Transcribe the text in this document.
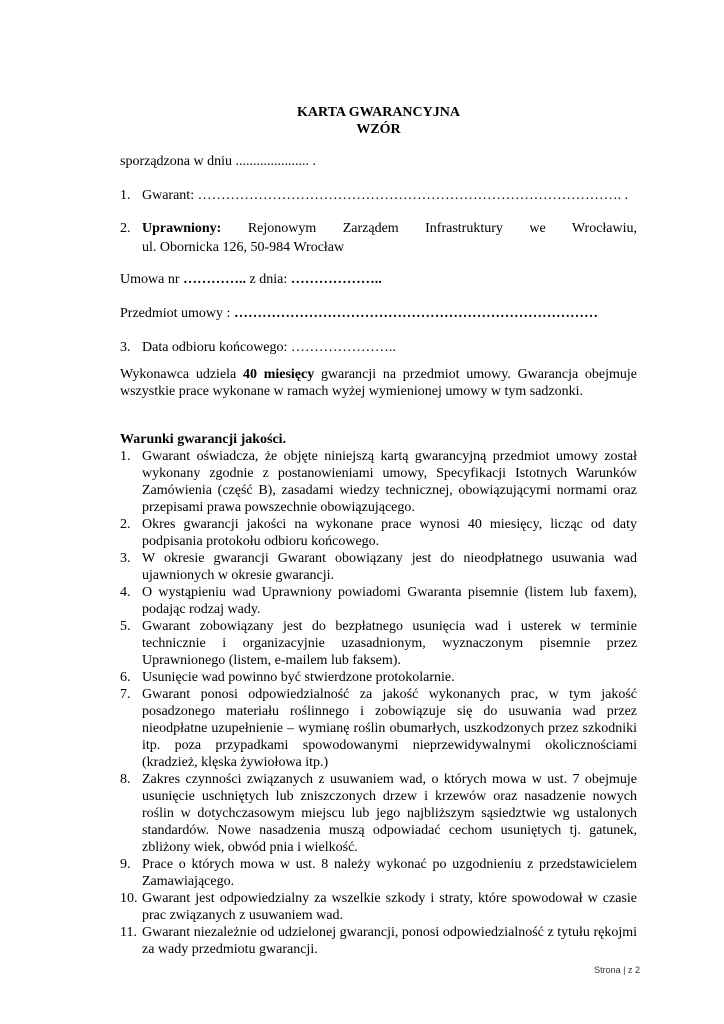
KARTA GWARANCYJNA
WZÓR
sporządzona w dniu ..................... .
1. Gwarant: ………………………………………………………………………………. .
2. Uprawniony: Rejonowym Zarządem Infrastruktury we Wrocławiu,
ul. Obornicka 126, 50-984 Wrocław
Umowa nr ………….. z dnia: ………………..
Przedmiot umowy : ……………………………………………………………………
3. Data odbioru końcowego: …………………..
Wykonawca udziela 40 miesięcy gwarancji na przedmiot umowy. Gwarancja obejmuje wszystkie prace wykonane w ramach wyżej wymienionej umowy w tym sadzonki.
Warunki gwarancji jakości.
1. Gwarant oświadcza, że objęte niniejszą kartą gwarancyjną przedmiot umowy został wykonany zgodnie z postanowieniami umowy, Specyfikacji Istotnych Warunków Zamówienia (część B), zasadami wiedzy technicznej, obowiązującymi normami oraz przepisami prawa powszechnie obowiązującego.
2. Okres gwarancji jakości na wykonane prace wynosi 40 miesięcy, licząc od daty podpisania protokołu odbioru końcowego.
3. W okresie gwarancji Gwarant obowiązany jest do nieodpłatnego usuwania wad ujawnionych w okresie gwarancji.
4. O wystąpieniu wad Uprawniony powiadomi Gwaranta pisemnie (listem lub faxem), podając rodzaj wady.
5. Gwarant zobowiązany jest do bezpłatnego usunięcia wad i usterek w terminie technicznie i organizacyjnie uzasadnionym, wyznaczonym pisemnie przez Uprawnionego (listem, e-mailem lub faksem).
6. Usunięcie wad powinno być stwierdzone protokolarnie.
7. Gwarant ponosi odpowiedzialność za jakość wykonanych prac, w tym jakość posadzonego materiału roślinnego i zobowiązuje się do usuwania wad przez nieodpłatne uzupełnienie – wymianę roślin obumarłych, uszkodzonych przez szkodniki itp. poza przypadkami spowodowanymi nieprzewidywalnymi okolicznościami (kradzież, klęska żywiołowa itp.)
8. Zakres czynności związanych z usuwaniem wad, o których mowa w ust. 7 obejmuje usunięcie uschniętych lub zniszczonych drzew i krzewów oraz nasadzenie nowych roślin w dotychczasowym miejscu lub jego najbliższym sąsiedztwie wg ustalonych standardów. Nowe nasadzenia muszą odpowiadać cechom usuniętych tj. gatunek, zbliżony wiek, obwód pnia i wielkość.
9. Prace o których mowa w ust. 8 należy wykonać po uzgodnieniu z przedstawicielem Zamawiającego.
10. Gwarant jest odpowiedzialny za wszelkie szkody i straty, które spowodował w czasie prac związanych z usuwaniem wad.
11. Gwarant niezależnie od udzielonej gwarancji, ponosi odpowiedzialność z tytułu rękojmi za wady przedmiotu gwarancji.
Strona | z 2
